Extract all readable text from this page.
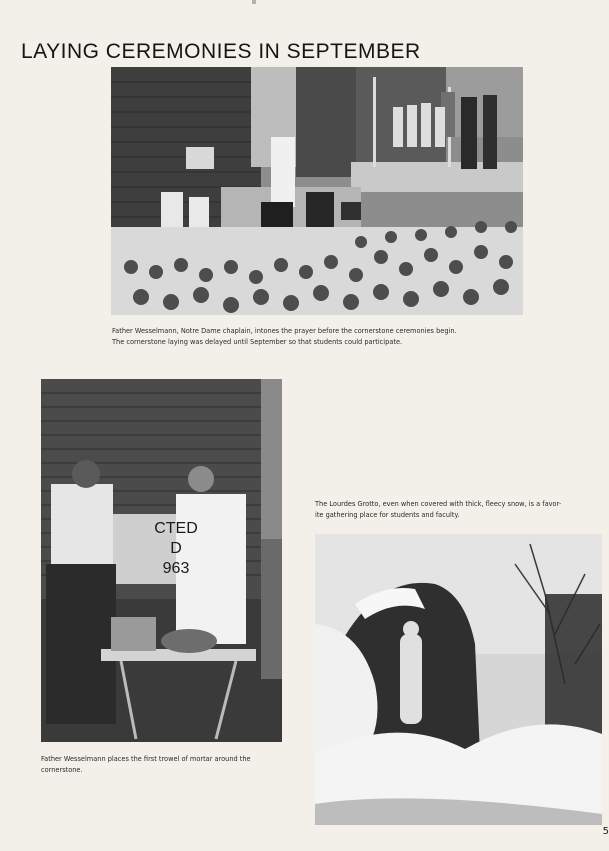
LAYING CEREMONIES IN SEPTEMBER
Father Wesselmann, Notre Dame chaplain, intones the prayer before the cornerstone ceremonies begin.
The cornerstone laying was delayed until September so that students could participate.
CTED
D
963
Father Wesselmann places the first trowel of mortar around the
cornerstone.
The Lourdes Grotto, even when covered with thick, fleecy snow, is a favor-
ite gathering place for students and faculty.
5
